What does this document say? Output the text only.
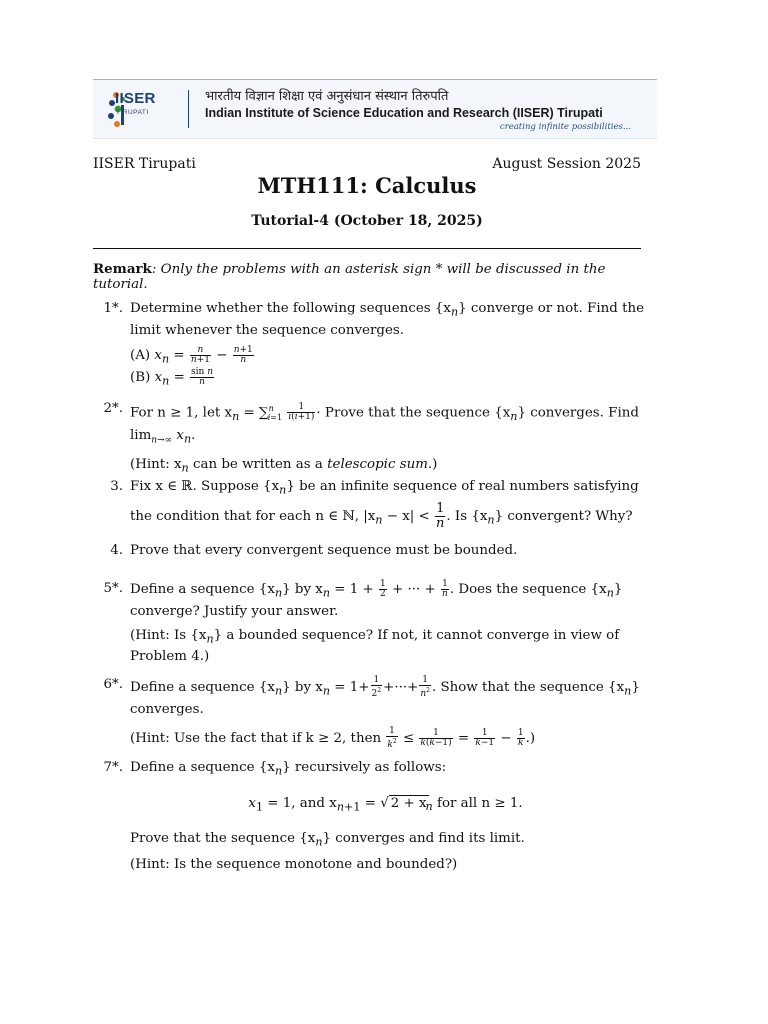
IISER
TIRUPATI
भारतीय विज्ञान शिक्षा एवं अनुसंधान संस्थान तिरुपति
Indian Institute of Science Education and Research (IISER) Tirupati
creating infinite possibilities...
IISER Tirupati	August Session 2025
MTH111: Calculus
Tutorial-4 (October 18, 2025)
Remark: Only the problems with an asterisk sign * will be discussed in the tutorial.
1*. Determine whether the following sequences $\{x_n\}$ converge or not. Find the
limit whenever the sequence converges.
(A) $x_n = \frac{n}{n+1} - \frac{n+1}{n}$
(B) $x_n = \frac{\text{sin n}}{n}$
2*. For n ≥ 1, let $x_n = \sum^n_{i=1} \frac{1}{i(i+1)}$ · Prove that the sequence $\{x_n\}$ converges. Find
$\lim_{n\to\infty} x_n$.
(Hint: $x_n$ can be written as a telescopic sum.)
3. Fix x ∈ ℝ. Suppose $\{x_n\}$ be an infinite sequence of real numbers satisfying
the condition that for each n ∈ ℕ, $|x_n - x| < \frac{1}{n}$ . Is $\{x_n\}$ convergent? Why?
4. Prove that every convergent sequence must be bounded.
5*. Define a sequence $\{x_n\}$ by $x_n = 1 + \frac{1}{2}$ + ··· + $\frac{1}{n}$ . Does the sequence $\{x_n\}$
converge? Justify your answer.
(Hint: Is $\{x_n\}$ a bounded sequence? If not, it cannot converge in view of
Problem 4.)
6*. Define a sequence $\{x_n\}$ by $x_n = 1+ \frac{1}{2^2}$ +···+ $\frac{1}{n^2}$ . Show that the sequence $\{x_n\}$
converges.
(Hint: Use the fact that if k ≥ 2, then $\frac{1}{k^2} \le \frac{1}{k(k-1)} = \frac{1}{k-1} - \frac{1}{k}$ .)
7*. Define a sequence $\{x_n\}$ recursively as follows:
$x_1 = 1$, and $x_{n+1}$ = √ $2 + x_n$ for all n ≥ 1.
Prove that the sequence $\{x_n\}$ converges and find its limit.
(Hint: Is the sequence monotone and bounded?)
